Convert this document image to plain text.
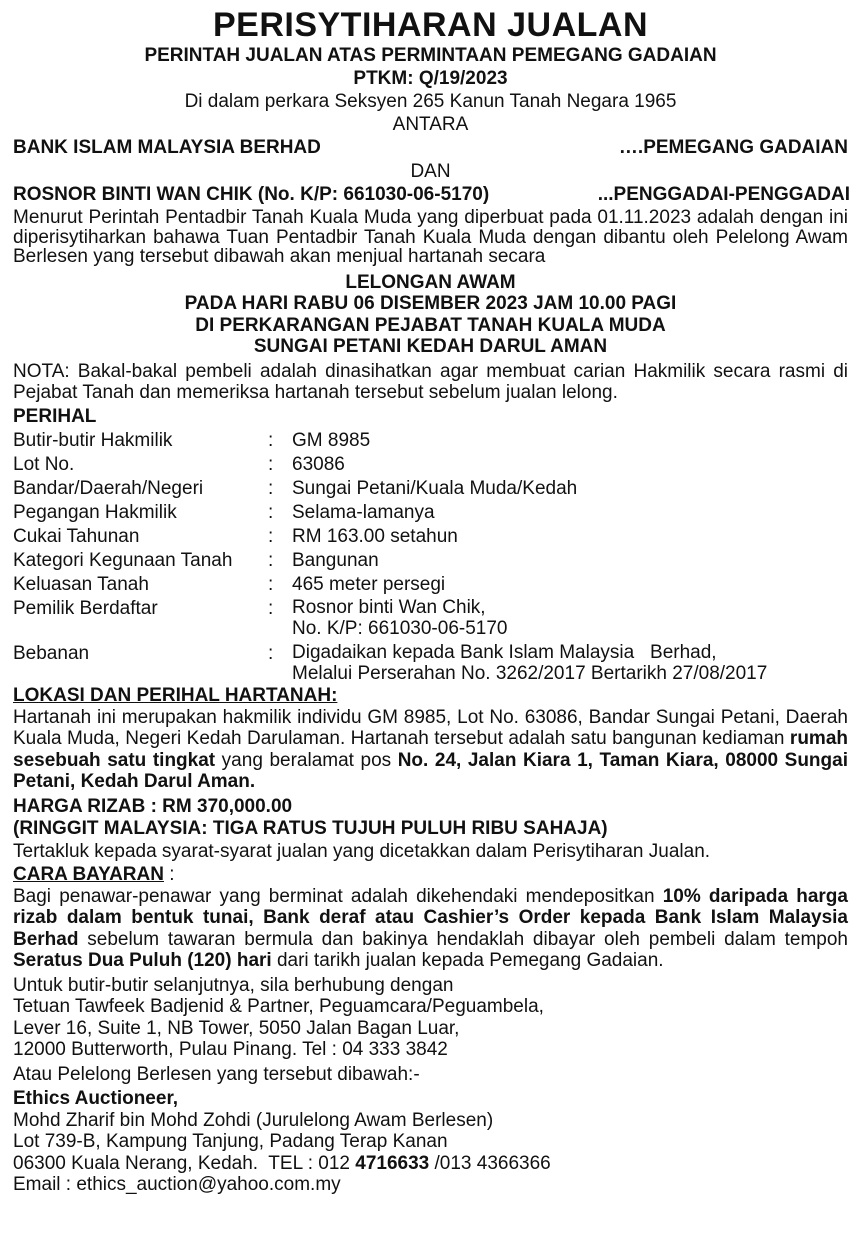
PERISYTIHARAN JUALAN
PERINTAH JUALAN ATAS PERMINTAAN PEMEGANG GADAIAN
PTKM: Q/19/2023
Di dalam perkara Seksyen 265 Kanun Tanah Negara 1965
ANTARA
BANK ISLAM MALAYSIA BERHAD	….PEMEGANG GADAIAN
DAN
ROSNOR BINTI WAN CHIK (No. K/P: 661030-06-5170)	...PENGGADAI-PENGGADAI
Menurut Perintah Pentadbir Tanah Kuala Muda yang diperbuat pada 01.11.2023 adalah dengan ini diperisytiharkan bahawa Tuan Pentadbir Tanah Kuala Muda dengan dibantu oleh Pelelong Awam Berlesen yang tersebut dibawah akan menjual hartanah secara
LELONGAN AWAM
PADA HARI RABU 06 DISEMBER 2023 JAM 10.00 PAGI
DI PERKARANGAN PEJABAT TANAH KUALA MUDA
SUNGAI PETANI KEDAH DARUL AMAN
NOTA: Bakal-bakal pembeli adalah dinasihatkan agar membuat carian Hakmilik secara rasmi di Pejabat Tanah dan memeriksa hartanah tersebut sebelum jualan lelong.
PERIHAL
Butir-butir Hakmilik	: GM 8985
Lot No.	: 63086
Bandar/Daerah/Negeri	: Sungai Petani/Kuala Muda/Kedah
Pegangan Hakmilik	: Selama-lamanya
Cukai Tahunan	: RM 163.00 setahun
Kategori Kegunaan Tanah	: Bangunan
Keluasan Tanah	: 465 meter persegi
Pemilik Berdaftar	: Rosnor binti Wan Chik,
No. K/P: 661030-06-5170
Bebanan	: Digadaikan kepada Bank Islam Malaysia   Berhad,
Melalui Perserahan No. 3262/2017 Bertarikh 27/08/2017
LOKASI DAN PERIHAL HARTANAH:
Hartanah ini merupakan hakmilik individu GM 8985, Lot No. 63086, Bandar Sungai Petani, Daerah Kuala Muda, Negeri Kedah Darulaman. Hartanah tersebut adalah satu bangunan kediaman rumah sesebuah satu tingkat yang beralamat pos No. 24, Jalan Kiara 1, Taman Kiara, 08000 Sungai Petani, Kedah Darul Aman.
HARGA RIZAB : RM 370,000.00
(RINGGIT MALAYSIA: TIGA RATUS TUJUH PULUH RIBU SAHAJA)
Tertakluk kepada syarat-syarat jualan yang dicetakkan dalam Perisytiharan Jualan.
CARA BAYARAN :
Bagi penawar-penawar yang berminat adalah dikehendaki mendepositkan 10% daripada harga rizab dalam bentuk tunai, Bank deraf atau Cashier’s Order kepada Bank Islam Malaysia Berhad sebelum tawaran bermula dan bakinya hendaklah dibayar oleh pembeli dalam tempoh Seratus Dua Puluh (120) hari dari tarikh jualan kepada Pemegang Gadaian.
Untuk butir-butir selanjutnya, sila berhubung dengan
Tetuan Tawfeek Badjenid & Partner, Peguamcara/Peguambela,
Lever 16, Suite 1, NB Tower, 5050 Jalan Bagan Luar,
12000 Butterworth, Pulau Pinang. Tel : 04 333 3842
Atau Pelelong Berlesen yang tersebut dibawah:-
Ethics Auctioneer,
Mohd Zharif bin Mohd Zohdi (Jurulelong Awam Berlesen)
Lot 739-B, Kampung Tanjung, Padang Terap Kanan
06300 Kuala Nerang, Kedah.  TEL : 012 4716633 /013 4366366
Email : ethics_auction@yahoo.com.my
